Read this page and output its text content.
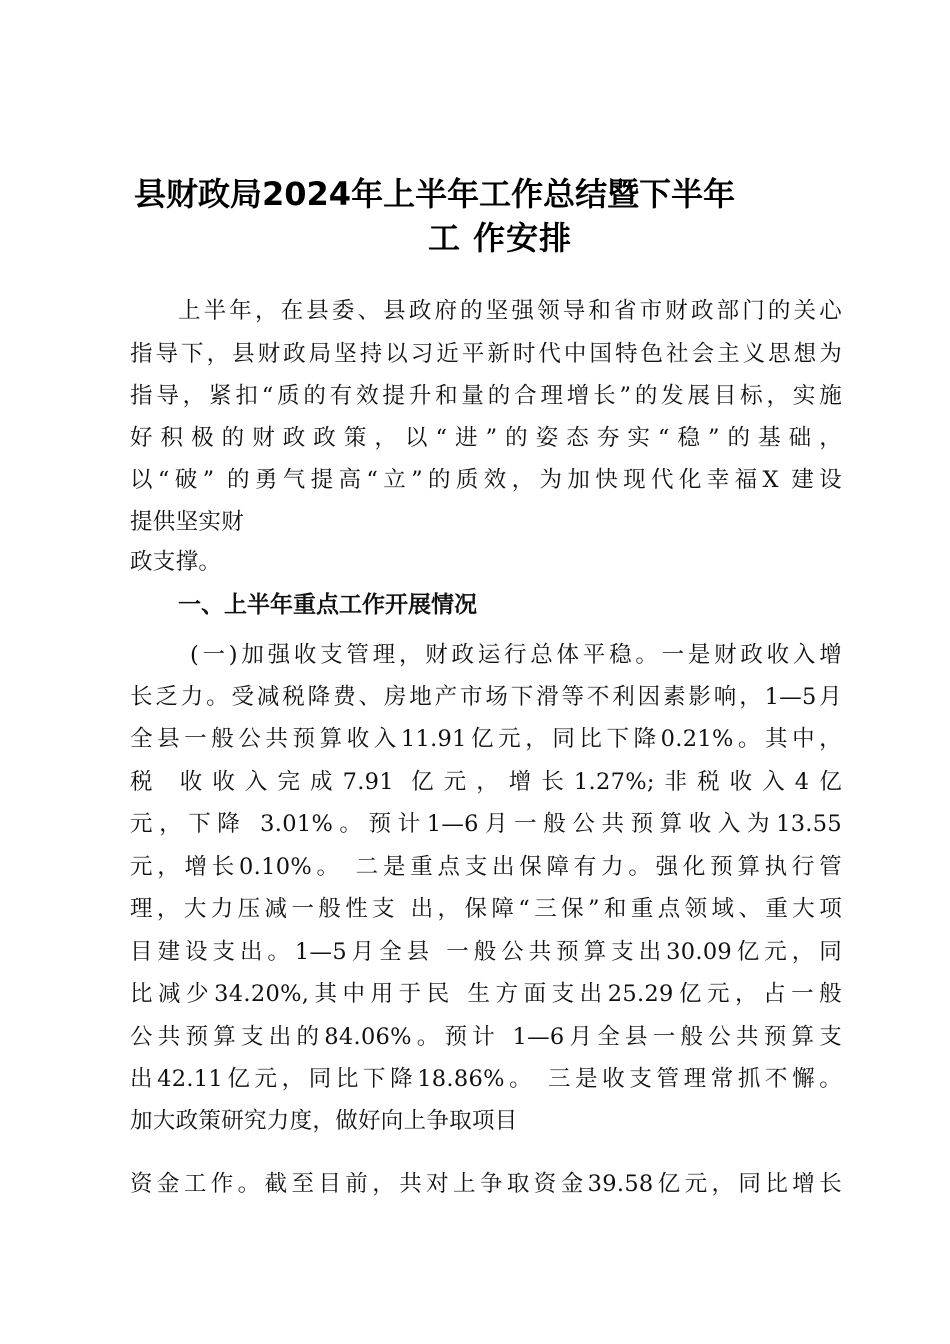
县财政局2024年上半年工作总结暨下半年
工 作安排
上半年，在县委、县政府的坚强领导和省市财政部门的关心
指导下，县财政局坚持以习近平新时代中国特色社会主义思想为
指导，紧扣“质的有效提升和量的合理增长”的发展目标，实施
好积极的财政政策，以“进”的姿态夯实“稳”的基础，
以“破” 的勇气提高“立”的质效，为加快现代化幸福X 建设
提供坚实财
政支撑。
一、上半年重点工作开展情况
(一)加强收支管理，财政运行总体平稳。一是财政收入增
长乏力。受减税降费、房地产市场下滑等不利因素影响，1—5月
全县一般公共预算收入11.91亿元，同比下降0.21%。其中，
税 收收入完成7.91 亿元，增长1.27%;非税收入4亿
元，下降 3.01%。预计1—6月一般公共预算收入为13.55
元，增长0.10%。 二是重点支出保障有力。强化预算执行管
理，大力压减一般性支 出，保障“三保”和重点领域、重大项
目建设支出。1—5月全县 一般公共预算支出30.09亿元，同
比减少34.20%,其中用于民 生方面支出25.29亿元，占一般
公共预算支出的84.06%。预计 1—6月全县一般公共预算支
出42.11亿元，同比下降18.86%。 三是收支管理常抓不懈。
加大政策研究力度，做好向上争取项目
资金工作。截至目前，共对上争取资金39.58亿元，同比增长
